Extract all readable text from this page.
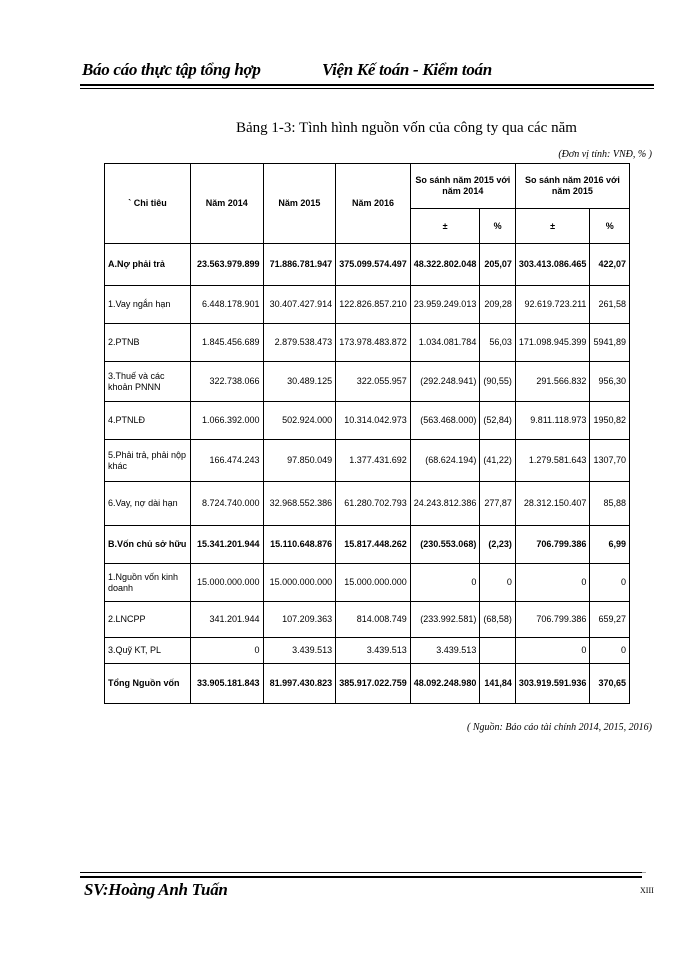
Báo cáo thực tập tổng hợp	Viện Kế toán - Kiểm toán
Bảng 1-3: Tình hình nguồn vốn của công ty qua các năm
(Đơn vị tính: VNĐ, % )
` Chỉ tiêu	Năm 2014	Năm 2015	Năm 2016	So sánh năm 2015 với năm 2014		So sánh năm 2016 với năm 2015	
				±	%	±	%
A.Nợ phải trả	23.563.979.899	71.886.781.947	375.099.574.497	48.322.802.048	205,07	303.413.086.465	422,07
1.Vay ngắn hạn	6.448.178.901	30.407.427.914	122.826.857.210	23.959.249.013	209,28	92.619.723.211	261,58
2.PTNB	1.845.456.689	2.879.538.473	173.978.483.872	1.034.081.784	56,03	171.098.945.399	5941,89
3.Thuế và các khoản PNNN	322.738.066	30.489.125	322.055.957	(292.248.941)	(90,55)	291.566.832	956,30
4.PTNLĐ	1.066.392.000	502.924.000	10.314.042.973	(563.468.000)	(52,84)	9.811.118.973	1950,82
5.Phải trả, phải nộp khác	166.474.243	97.850.049	1.377.431.692	(68.624.194)	(41,22)	1.279.581.643	1307,70
6.Vay, nợ dài hạn	8.724.740.000	32.968.552.386	61.280.702.793	24.243.812.386	277,87	28.312.150.407	85,88
B.Vốn chủ sở hữu	15.341.201.944	15.110.648.876	15.817.448.262	(230.553.068)	(2,23)	706.799.386	6,99
1.Nguồn vốn kinh doanh	15.000.000.000	15.000.000.000	15.000.000.000	0	0	0	0
2.LNCPP	341.201.944	107.209.363	814.008.749	(233.992.581)	(68,58)	706.799.386	659,27
3.Quỹ KT, PL	0	3.439.513	3.439.513	3.439.513		0	0
Tổng Nguồn vốn	33.905.181.843	81.997.430.823	385.917.022.759	48.092.248.980	141,84	303.919.591.936	370,65
( Nguồn: Báo cáo tài chính 2014, 2015, 2016)
...
SV:Hoàng Anh Tuấn	XIII
